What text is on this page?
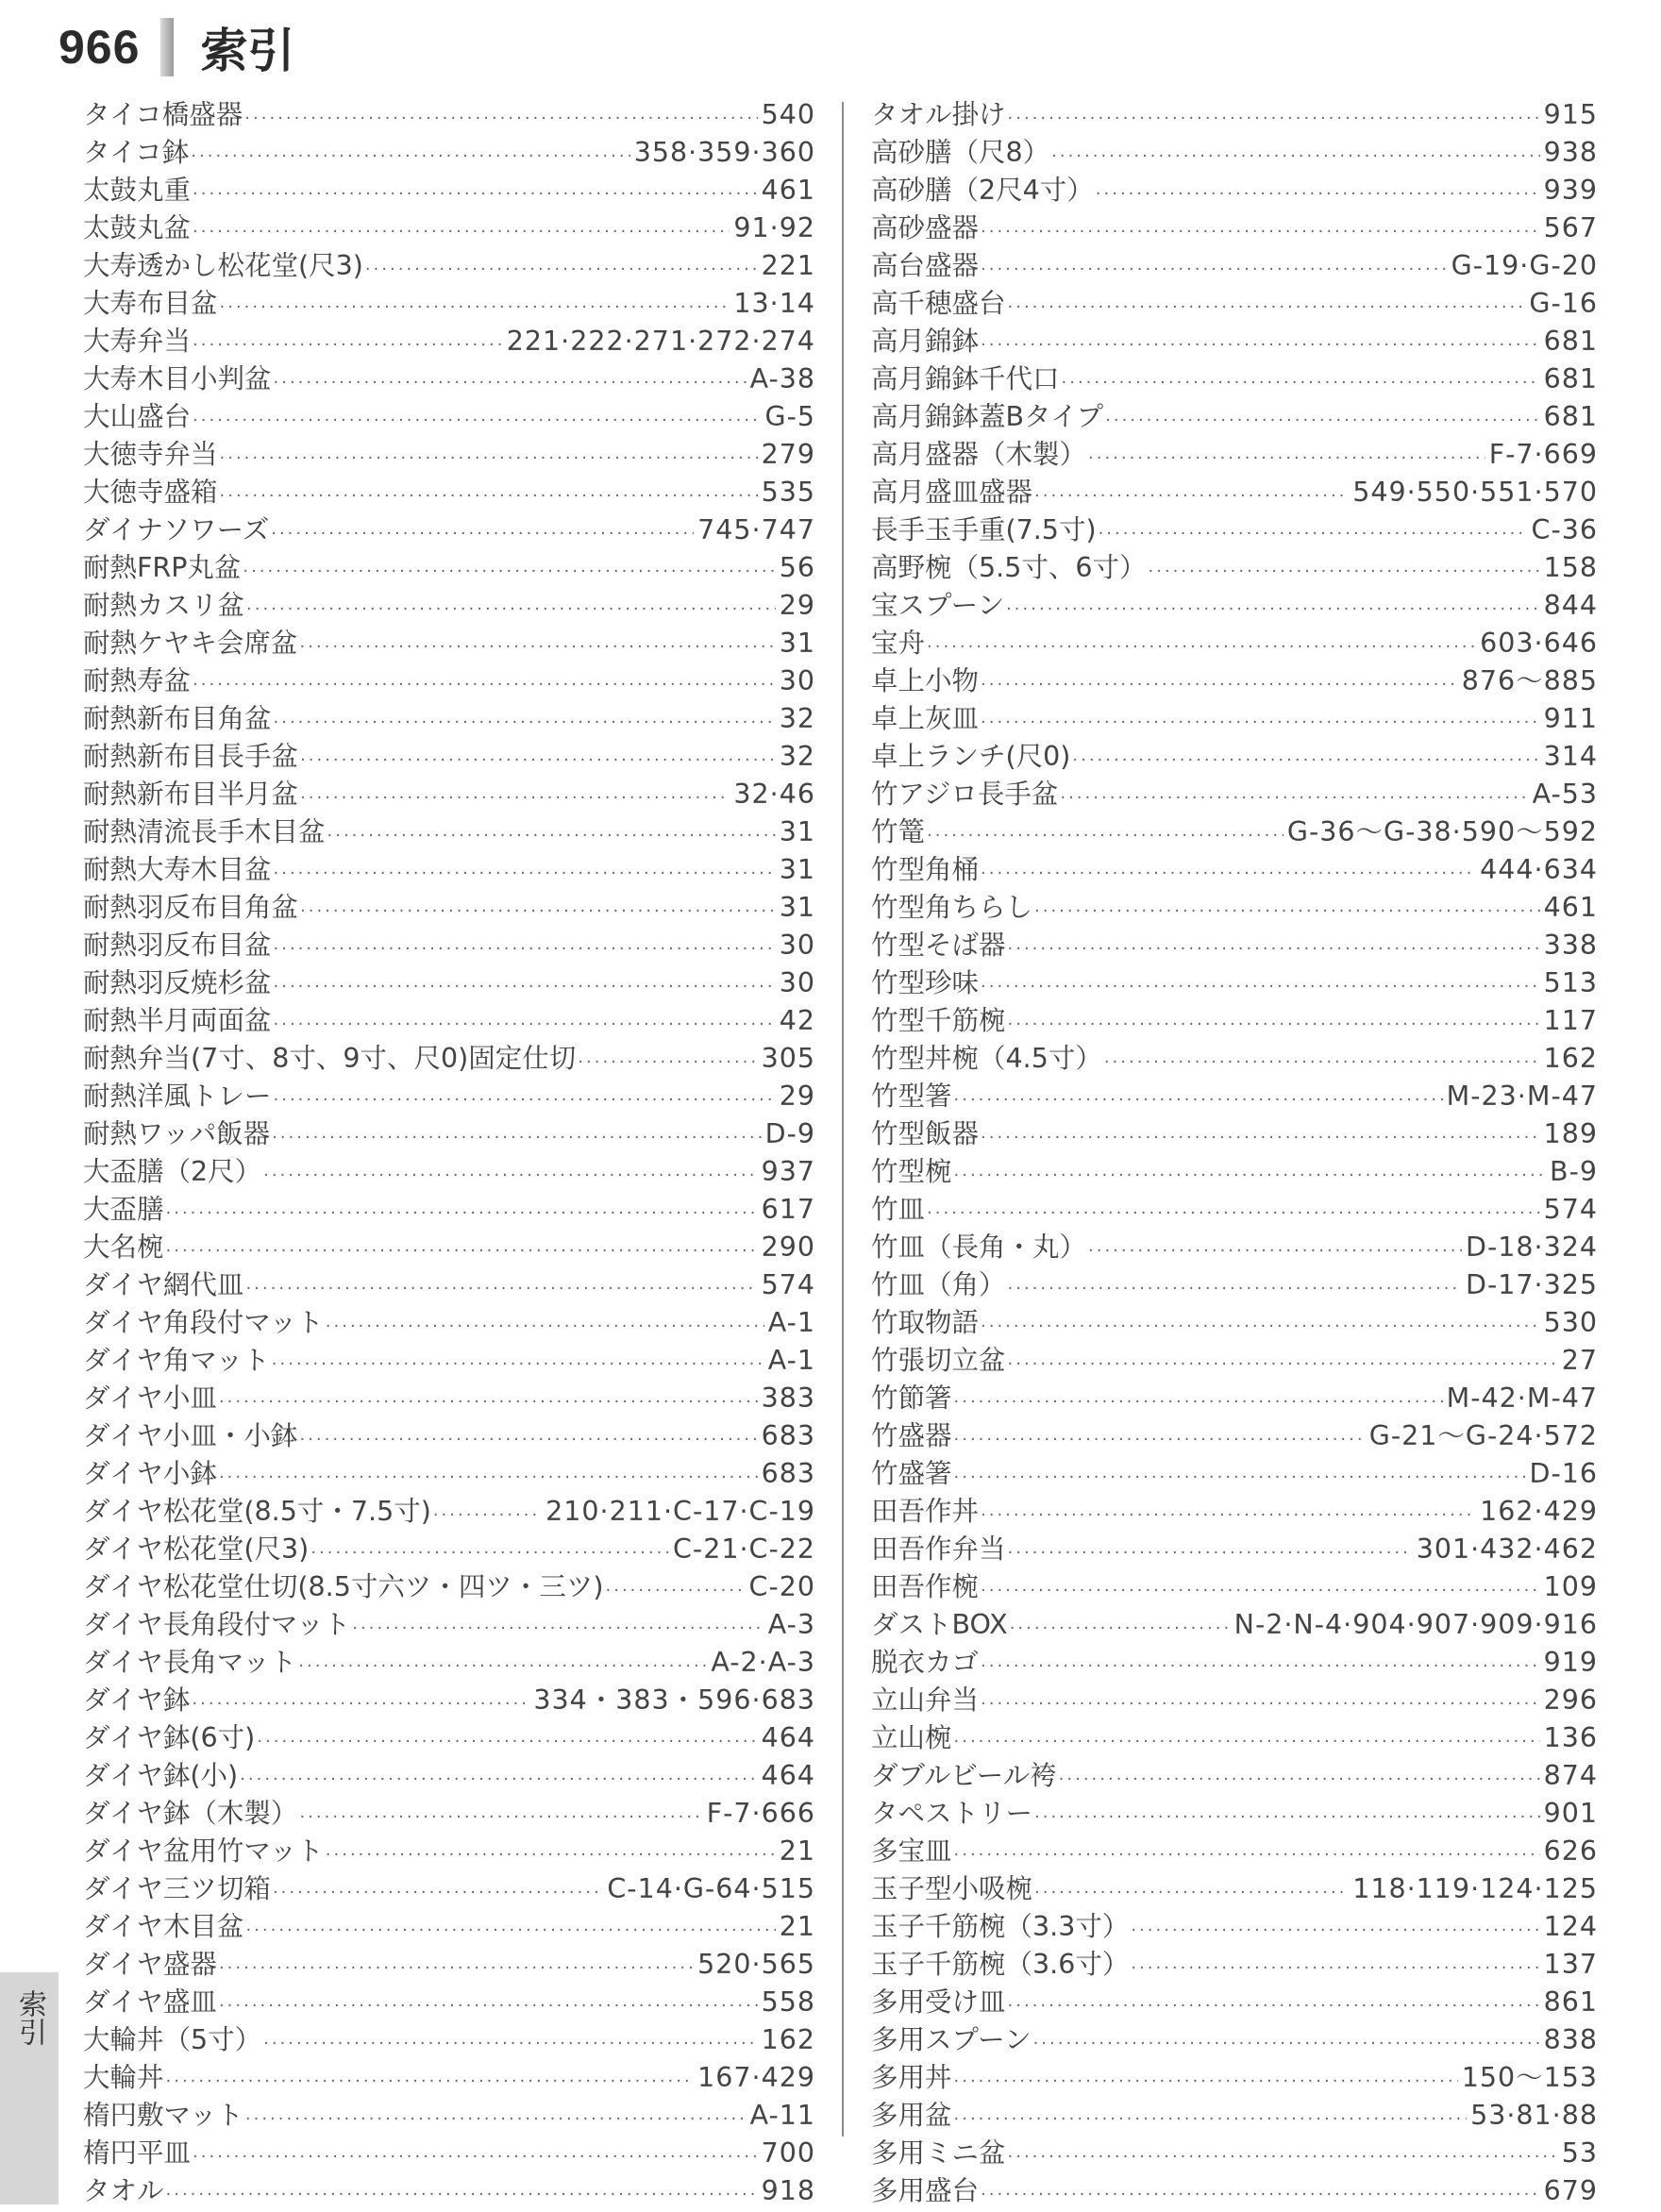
966 索引
タイコ橋盛器 ·····	540
タイコ鉢 ·····	358·359·360
太鼓丸重 ·····	461
太鼓丸盆 ·····	91·92
大寿透かし松花堂(尺3) ·····	221
大寿布目盆 ·····	13·14
大寿弁当 ·····	221·222·271·272·274
大寿木目小判盆 ·····	A-38
大山盛台 ·····	G-5
大徳寺弁当 ·····	279
大徳寺盛箱 ·····	535
ダイナソワーズ ·····	745·747
耐熱FRP丸盆 ·····	56
耐熱カスリ盆 ·····	29
耐熱ケヤキ会席盆 ·····	31
耐熱寿盆 ·····	30
耐熱新布目角盆 ·····	32
耐熱新布目長手盆 ·····	32
耐熱新布目半月盆 ·····	32·46
耐熱清流長手木目盆 ·····	31
耐熱大寿木目盆 ·····	31
耐熱羽反布目角盆 ·····	31
耐熱羽反布目盆 ·····	30
耐熱羽反焼杉盆 ·····	30
耐熱半月両面盆 ·····	42
耐熱弁当(7寸、8寸、9寸、尺0)固定仕切 ·····	305
耐熱洋風トレー ·····	29
耐熱ワッパ飯器 ·····	D-9
大盃膳（2尺） ·····	937
大盃膳 ·····	617
大名椀 ·····	290
ダイヤ網代皿 ·····	574
ダイヤ角段付マット ·····	A-1
ダイヤ角マット ·····	A-1
ダイヤ小皿 ·····	383
ダイヤ小皿・小鉢 ·····	683
ダイヤ小鉢 ·····	683
ダイヤ松花堂(8.5寸・7.5寸) ·····	210·211·C-17·C-19
ダイヤ松花堂(尺3) ·····	C-21·C-22
ダイヤ松花堂仕切(8.5寸六ツ・四ツ・三ツ) ·····	C-20
ダイヤ長角段付マット ·····	A-3
ダイヤ長角マット ·····	A-2·A-3
ダイヤ鉢 ·····	334・383・596·683
ダイヤ鉢(6寸) ·····	464
ダイヤ鉢(小) ·····	464
ダイヤ鉢（木製） ·····	F-7·666
ダイヤ盆用竹マット ·····	21
ダイヤ三ツ切箱 ·····	C-14·G-64·515
ダイヤ木目盆 ·····	21
ダイヤ盛器 ·····	520·565
ダイヤ盛皿 ·····	558
大輪丼（5寸） ·····	162
大輪丼 ·····	167·429
楕円敷マット ·····	A-11
楕円平皿 ·····	700
タオル ·····	918
タオル掛け ·····	915
高砂膳（尺8） ·····	938
高砂膳（2尺4寸） ·····	939
高砂盛器 ·····	567
高台盛器 ·····	G-19·G-20
高千穂盛台 ·····	G-16
高月錦鉢 ·····	681
高月錦鉢千代口 ·····	681
高月錦鉢蓋Bタイプ ·····	681
高月盛器（木製） ·····	F-7·669
高月盛皿盛器 ·····	549·550·551·570
長手玉手重(7.5寸) ·····	C-36
高野椀（5.5寸、6寸） ·····	158
宝スプーン ·····	844
宝舟 ·····	603·646
卓上小物 ·····	876～885
卓上灰皿 ·····	911
卓上ランチ(尺0) ·····	314
竹アジロ長手盆 ·····	A-53
竹篭 ·····	G-36～G-38·590～592
竹型角桶 ·····	444·634
竹型角ちらし ·····	461
竹型そば器 ·····	338
竹型珍味 ·····	513
竹型千筋椀 ·····	117
竹型丼椀（4.5寸） ·····	162
竹型箸 ·····	M-23·M-47
竹型飯器 ·····	189
竹型椀 ·····	B-9
竹皿 ·····	574
竹皿（長角・丸） ·····	D-18·324
竹皿（角） ·····	D-17·325
竹取物語 ·····	530
竹張切立盆 ·····	27
竹節箸 ·····	M-42·M-47
竹盛器 ·····	G-21～G-24·572
竹盛箸 ·····	D-16
田吾作丼 ·····	162·429
田吾作弁当 ·····	301·432·462
田吾作椀 ·····	109
ダストBOX ·····	N-2·N-4·904·907·909·916
脱衣カゴ ·····	919
立山弁当 ·····	296
立山椀 ·····	136
ダブルビール袴 ·····	874
タペストリー ·····	901
多宝皿 ·····	626
玉子型小吸椀 ·····	118·119·124·125
玉子千筋椀（3.3寸） ·····	124
玉子千筋椀（3.6寸） ·····	137
多用受け皿 ·····	861
多用スプーン ·····	838
多用丼 ·····	150～153
多用盆 ·····	53·81·88
多用ミニ盆 ·····	53
多用盛台 ·····	679
索引
